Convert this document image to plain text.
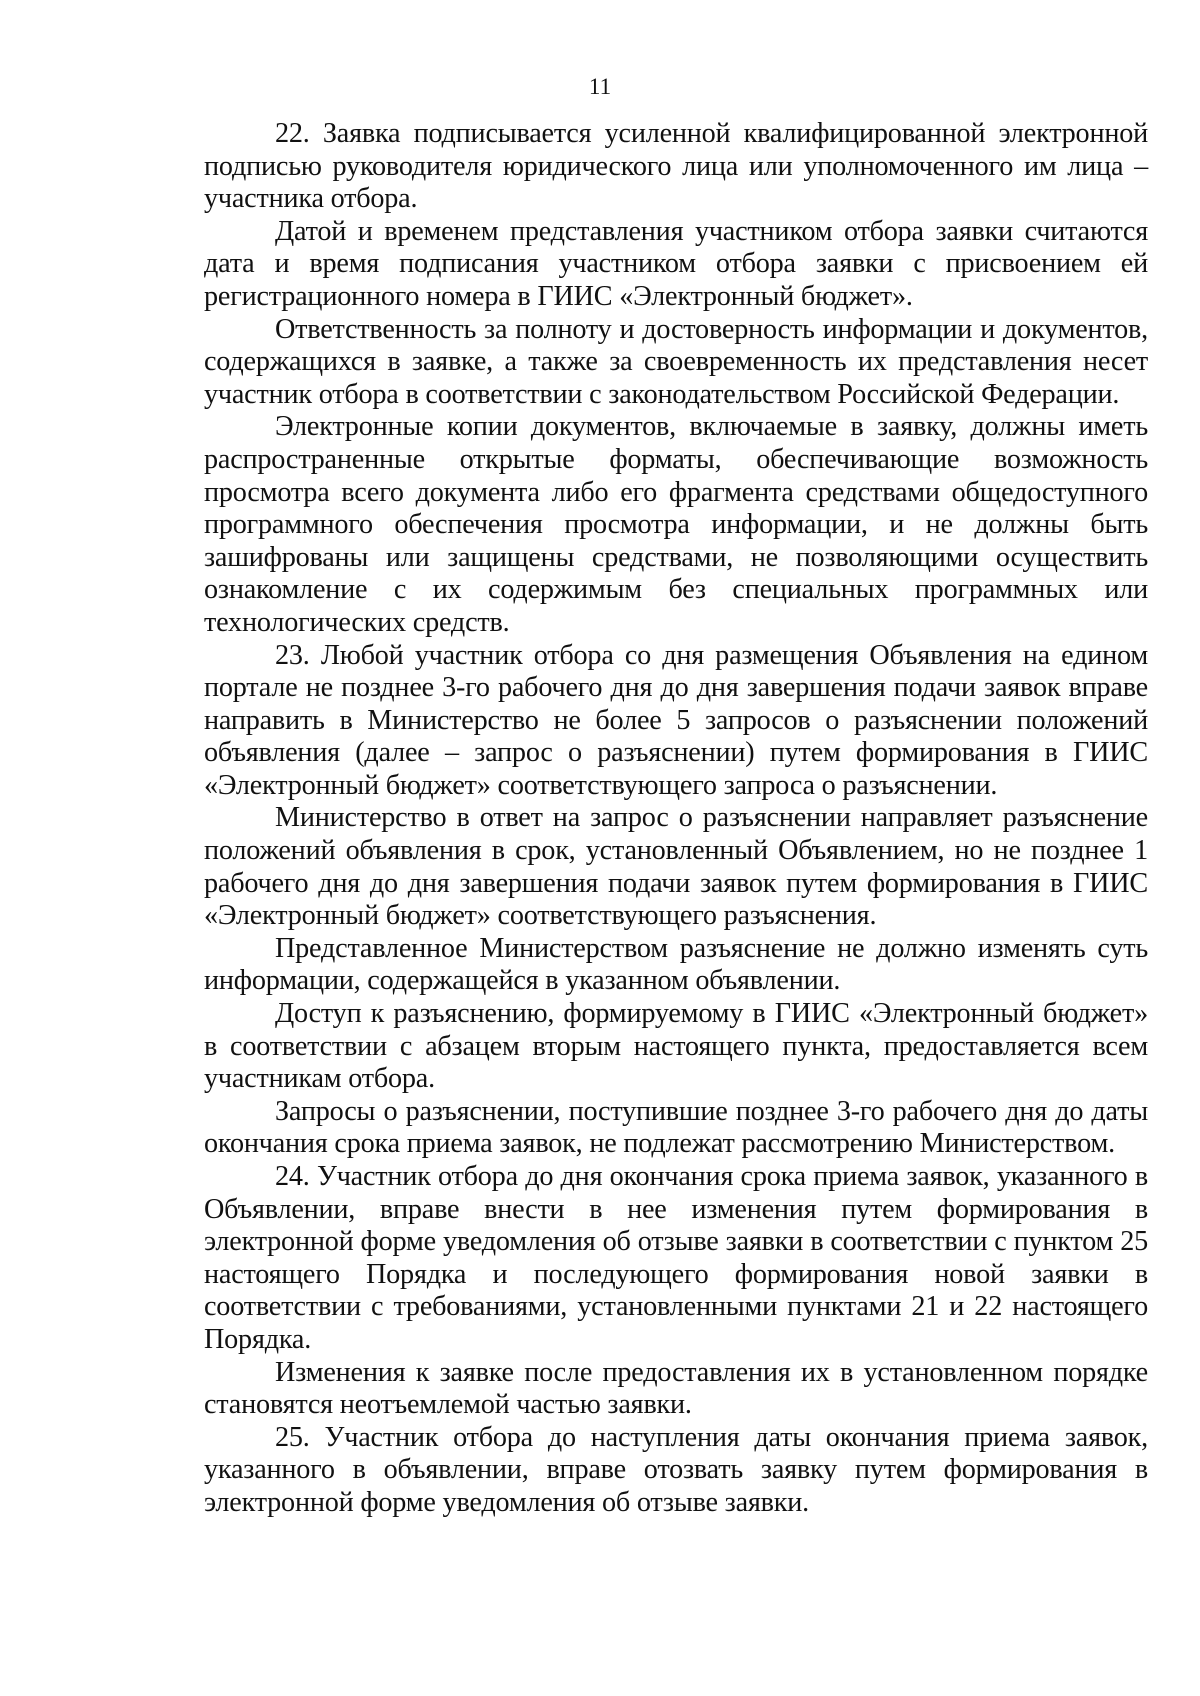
11

22. Заявка подписывается усиленной квалифицированной электронной подписью руководителя юридического лица или уполномоченного им лица – участника отбора.

Датой и временем представления участником отбора заявки считаются дата и время подписания участником отбора заявки с присвоением ей регистрационного номера в ГИИС «Электронный бюджет».

Ответственность за полноту и достоверность информации и документов, содержащихся в заявке, а также за своевременность их представления несет участник отбора в соответствии с законодательством Российской Федерации.

Электронные копии документов, включаемые в заявку, должны иметь распространенные открытые форматы, обеспечивающие возможность просмотра всего документа либо его фрагмента средствами общедоступного программного обеспечения просмотра информации, и не должны быть зашифрованы или защищены средствами, не позволяющими осуществить ознакомление с их содержимым без специальных программных или технологических средств.

23. Любой участник отбора со дня размещения Объявления на едином портале не позднее 3-го рабочего дня до дня завершения подачи заявок вправе направить в Министерство не более 5 запросов о разъяснении положений объявления (далее – запрос о разъяснении) путем формирования в ГИИС «Электронный бюджет» соответствующего запроса о разъяснении.

Министерство в ответ на запрос о разъяснении направляет разъяснение положений объявления в срок, установленный Объявлением, но не позднее 1 рабочего дня до дня завершения подачи заявок путем формирования в ГИИС «Электронный бюджет» соответствующего разъяснения.

Представленное Министерством разъяснение не должно изменять суть информации, содержащейся в указанном объявлении.

Доступ к разъяснению, формируемому в ГИИС «Электронный бюджет» в соответствии с абзацем вторым настоящего пункта, предоставляется всем участникам отбора.

Запросы о разъяснении, поступившие позднее 3-го рабочего дня до даты окончания срока приема заявок, не подлежат рассмотрению Министерством.

24. Участник отбора до дня окончания срока приема заявок, указанного в Объявлении, вправе внести в нее изменения путем формирования в электронной форме уведомления об отзыве заявки в соответствии с пунктом 25 настоящего Порядка и последующего формирования новой заявки в соответствии с требованиями, установленными пунктами 21 и 22 настоящего Порядка.

Изменения к заявке после предоставления их в установленном порядке становятся неотъемлемой частью заявки.

25. Участник отбора до наступления даты окончания приема заявок, указанного в объявлении, вправе отозвать заявку путем формирования в электронной форме уведомления об отзыве заявки.
